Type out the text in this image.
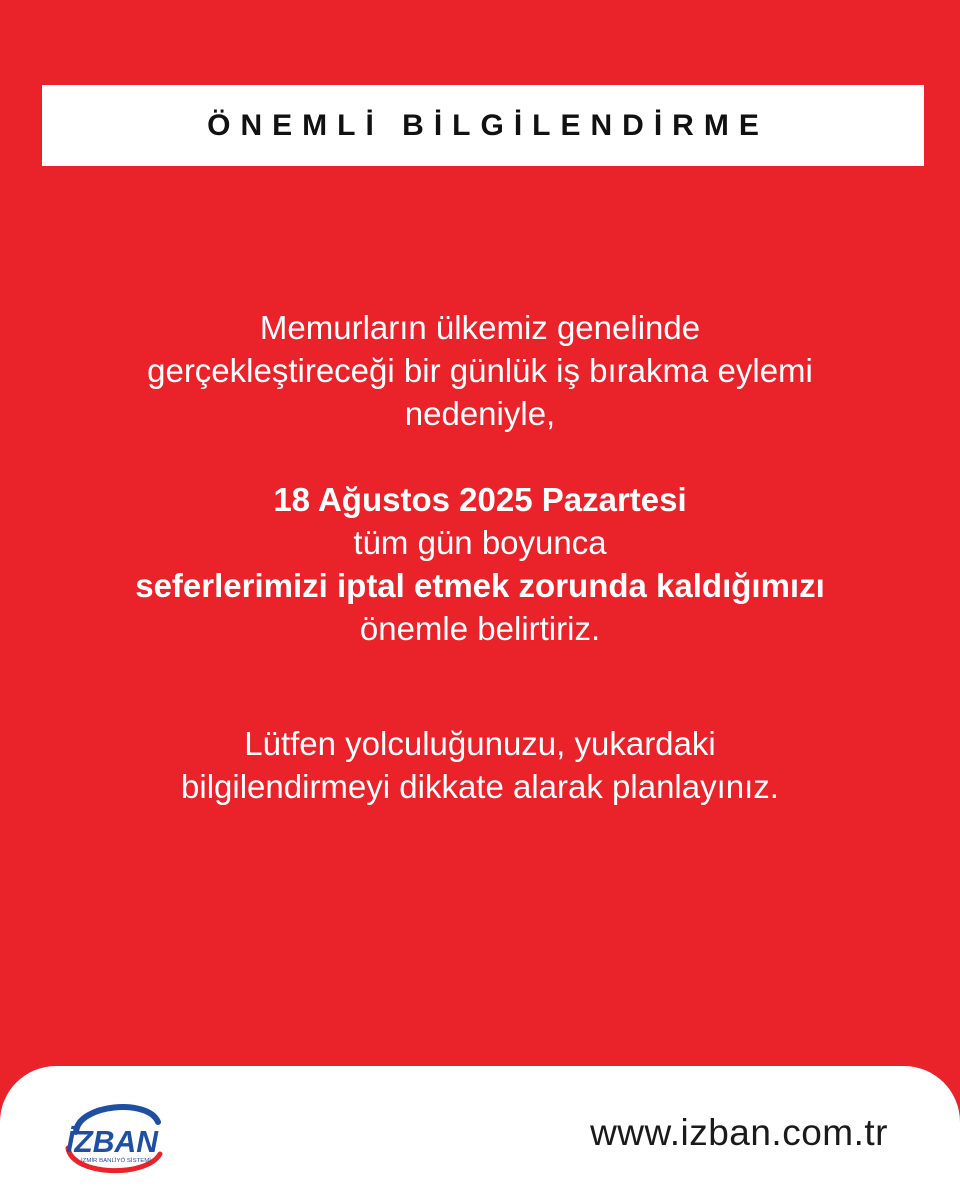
ÖNEMLİ BİLGİLENDİRME

Memurların ülkemiz genelinde

gerçekleştireceği bir günlük iş bırakma eylemi

nedeniyle,

18 Ağustos 2025 Pazartesi

tüm gün boyunca

seferlerimizi iptal etmek zorunda kaldığımızı

önemle belirtiriz.

Lütfen yolculuğunuzu, yukardaki

bilgilendirmeyi dikkate alarak planlayınız.

İZBAN
İZMİR BANLİYÖ SİSTEMİ
www.izban.com.tr
